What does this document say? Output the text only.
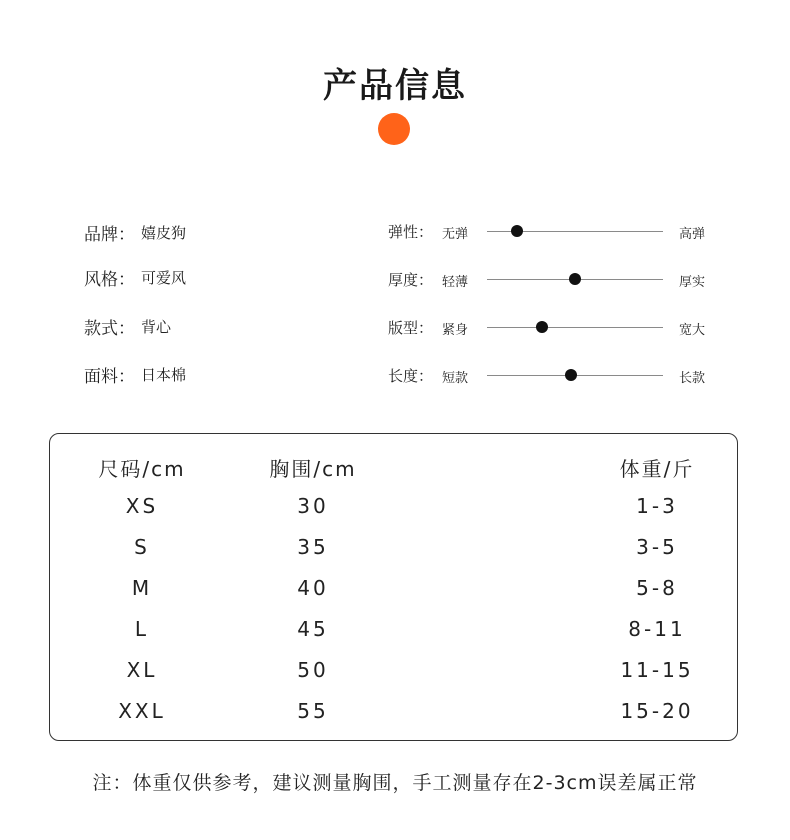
产品信息
品牌： 嬉皮狗
风格： 可爱风
款式： 背心
面料： 日本棉
弹性： 无弹	高弹
厚度： 轻薄	厚实
版型： 紧身	宽大
长度： 短款	长款
尺码/cm	胸围/cm	体重/斤
XS	30	1-3
S	35	3-5
M	40	5-8
L	45	8-11
XL	50	11-15
XXL	55	15-20
注：体重仅供参考，建议测量胸围，手工测量存在2-3cm误差属正常
